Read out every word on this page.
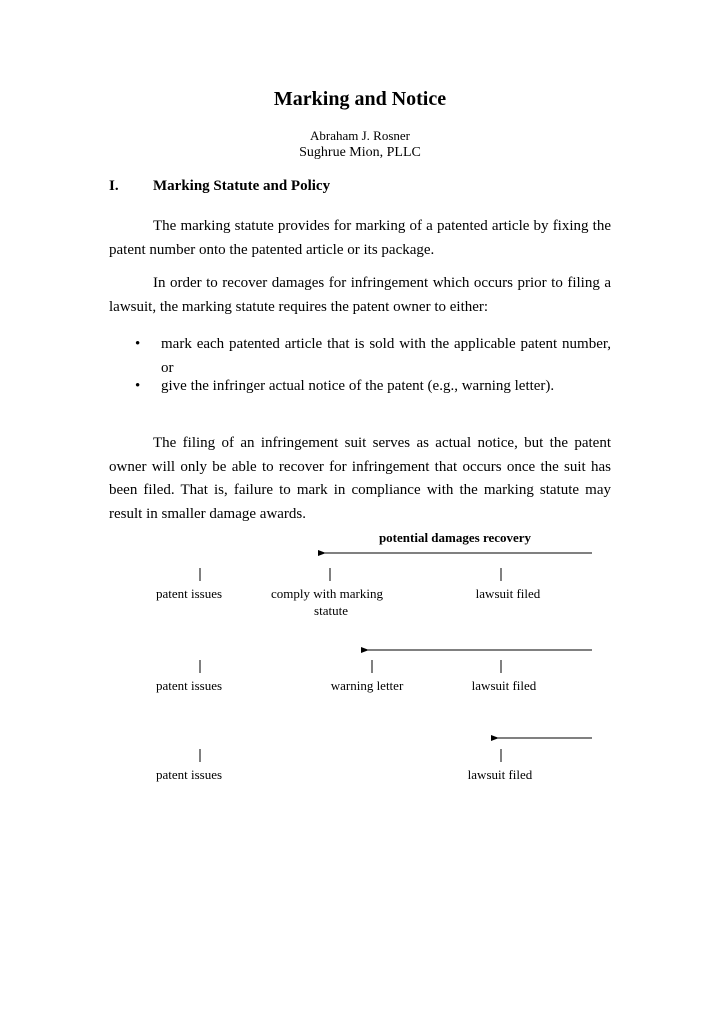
Marking and Notice
Abraham J. Rosner
Sughrue Mion, PLLC
I. Marking Statute and Policy
The marking statute provides for marking of a patented article by fixing the patent number onto the patented article or its package.
In order to recover damages for infringement which occurs prior to filing a lawsuit, the marking statute requires the patent owner to either:
• mark each patented article that is sold with the applicable patent number, or
• give the infringer actual notice of the patent (e.g., warning letter).
The filing of an infringement suit serves as actual notice, but the patent owner will only be able to recover for infringement that occurs once the suit has been filed. That is, failure to mark in compliance with the marking statute may result in smaller damage awards.
potential damages recovery
patent issues	comply with marking
statute
lawsuit filed
patent issues	warning letter	lawsuit filed
patent issues	lawsuit filed
